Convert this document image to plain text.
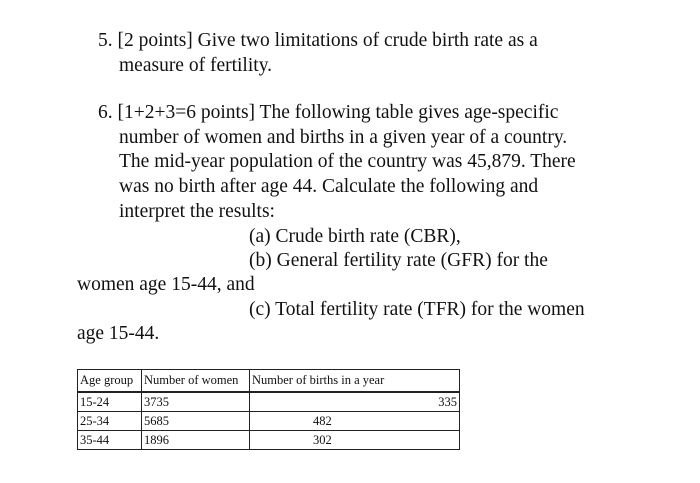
5. [2 points] Give two limitations of crude birth rate as a
measure of fertility.
6. [1+2+3=6 points] The following table gives age-specific
number of women and births in a given year of a country.
The mid-year population of the country was 45,879. There
was no birth after age 44. Calculate the following and
interpret the results:
(a) Crude birth rate (CBR),
(b) General fertility rate (GFR) for the
women age 15-44, and
(c) Total fertility rate (TFR) for the women
age 15-44.
Age group	Number of women	Number of births in a year
15-24	3735	335
25-34	5685	482
35-44	1896	302
